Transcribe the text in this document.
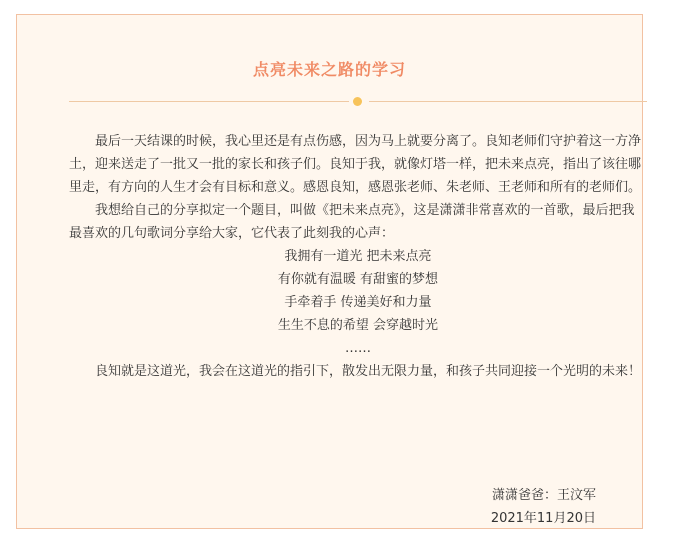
点亮未来之路的学习

最后一天结课的时候，我心里还是有点伤感，因为马上就要分离了。良知老师们守护着这一方净土，迎来送走了一批又一批的家长和孩子们。良知于我，就像灯塔一样，把未来点亮，指出了该往哪里走，有方向的人生才会有目标和意义。感恩良知，感恩张老师、朱老师、王老师和所有的老师们。

我想给自己的分享拟定一个题目，叫做《把未来点亮》，这是潇潇非常喜欢的一首歌，最后把我最喜欢的几句歌词分享给大家，它代表了此刻我的心声：

我拥有一道光 把未来点亮
有你就有温暖 有甜蜜的梦想
手牵着手 传递美好和力量
生生不息的希望 会穿越时光
……

良知就是这道光，我会在这道光的指引下，散发出无限力量，和孩子共同迎接一个光明的未来！

潇潇爸爸：王汶军
2021年11月20日
